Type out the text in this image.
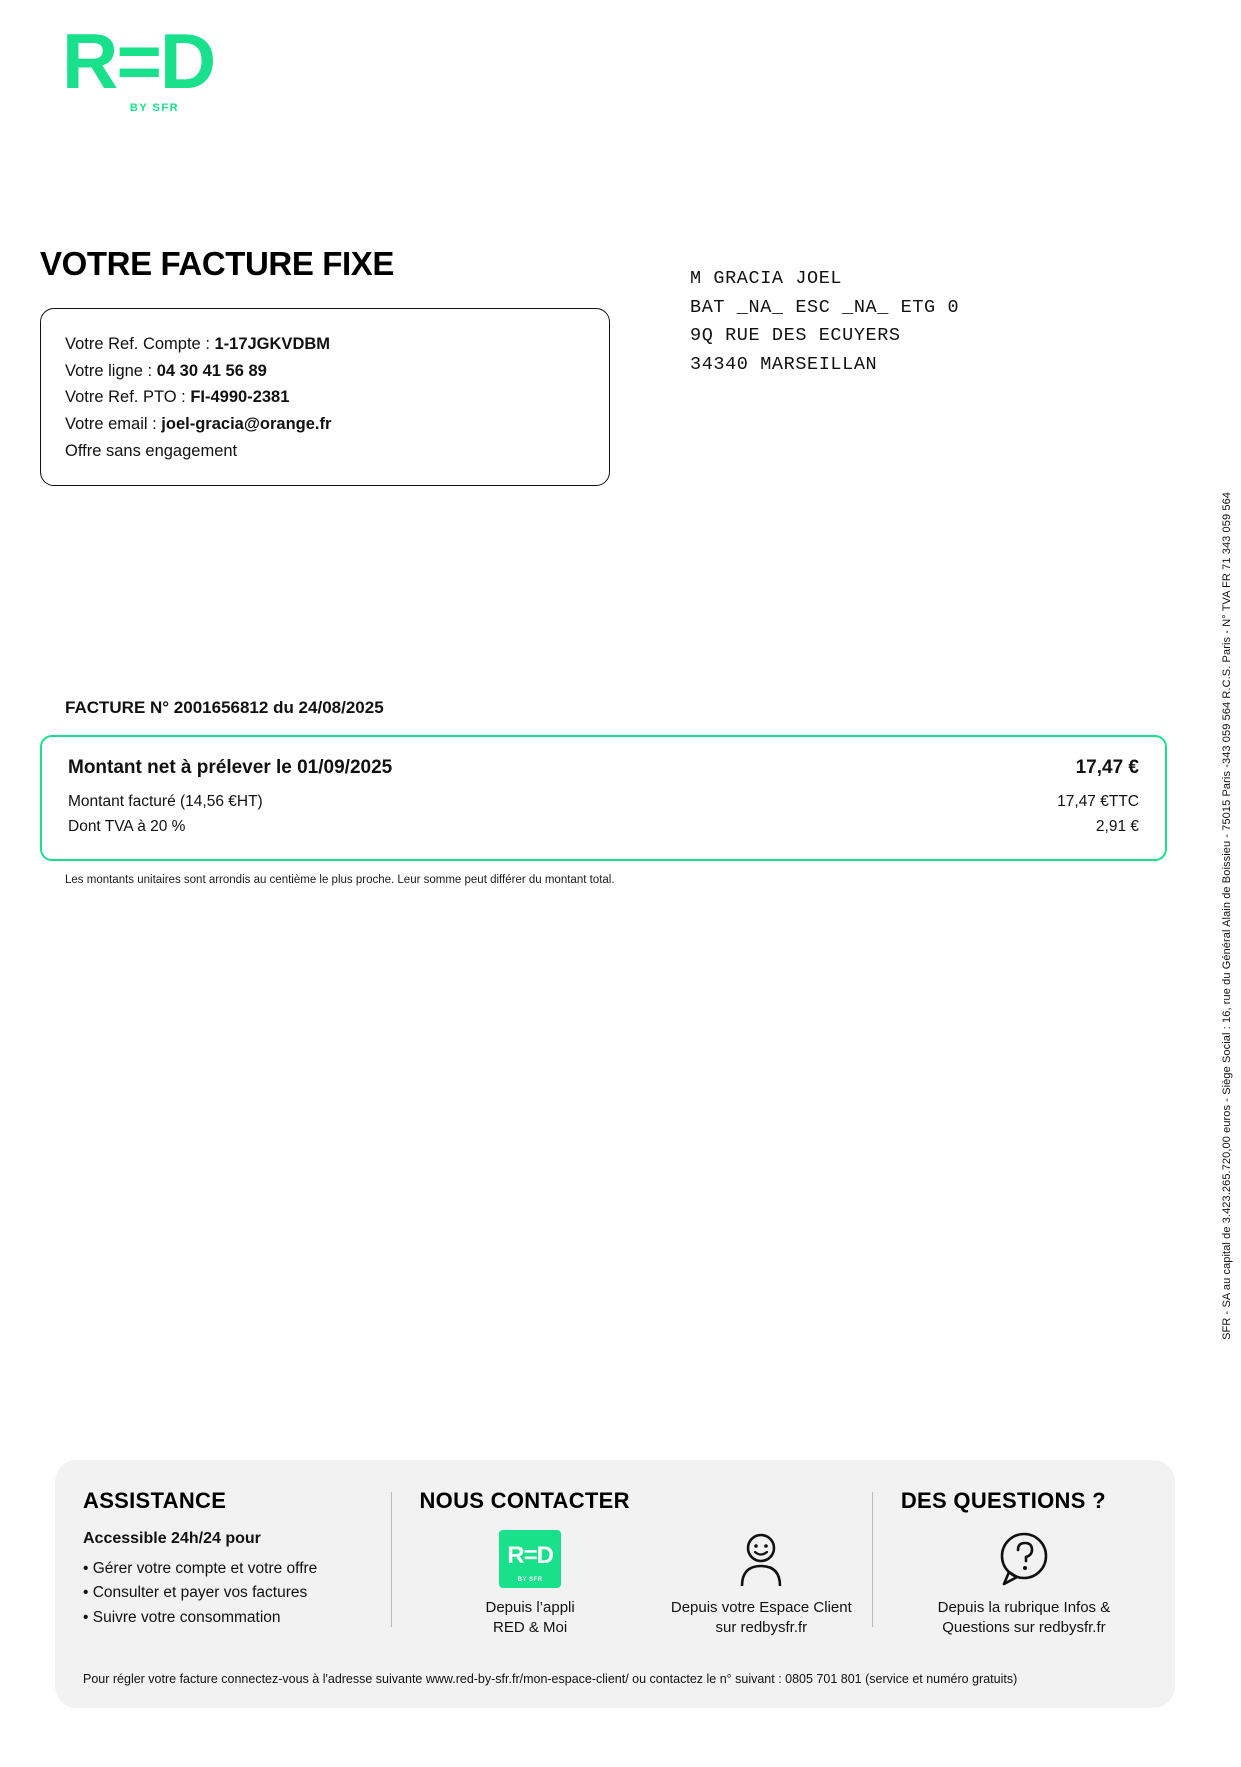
R=D
BY SFR
VOTRE FACTURE FIXE
Votre Ref. Compte : 1-17JGKVDBM
Votre ligne : 04 30 41 56 89
Votre Ref. PTO : FI-4990-2381
Votre email : joel-gracia@orange.fr
Offre sans engagement
M GRACIA JOEL
BAT _NA_ ESC _NA_ ETG 0
9Q RUE DES ECUYERS
34340 MARSEILLAN
FACTURE N° 2001656812 du 24/08/2025
Montant net à prélever le 01/09/2025	17,47 €
Montant facturé (14,56 €HT)	17,47 €TTC
Dont TVA à 20 %	2,91 €
Les montants unitaires sont arrondis au centième le plus proche. Leur somme peut différer du montant total.	SFR - SA au capital de 3.423.265.720,00 euros - Siège Social : 16, rue du Général Alain de Boissieu - 75015 Paris -343 059 564 R.C.S. Paris - N° TVA FR 71 343 059 564
ASSISTANCE
Accessible 24h/24 pour
• Gérer votre compte et votre offre
• Consulter et payer vos factures
• Suivre votre consommation
NOUS CONTACTER
R=D
BY SFR
Depuis l’appli
RED & Moi
Depuis votre Espace Client
sur redbysfr.fr
DES QUESTIONS ?
Depuis la rubrique Infos &
Questions sur redbysfr.fr
Pour régler votre facture connectez-vous à l'adresse suivante www.red-by-sfr.fr/mon-espace-client/ ou contactez le n° suivant : 0805 701 801 (service et numéro gratuits)
